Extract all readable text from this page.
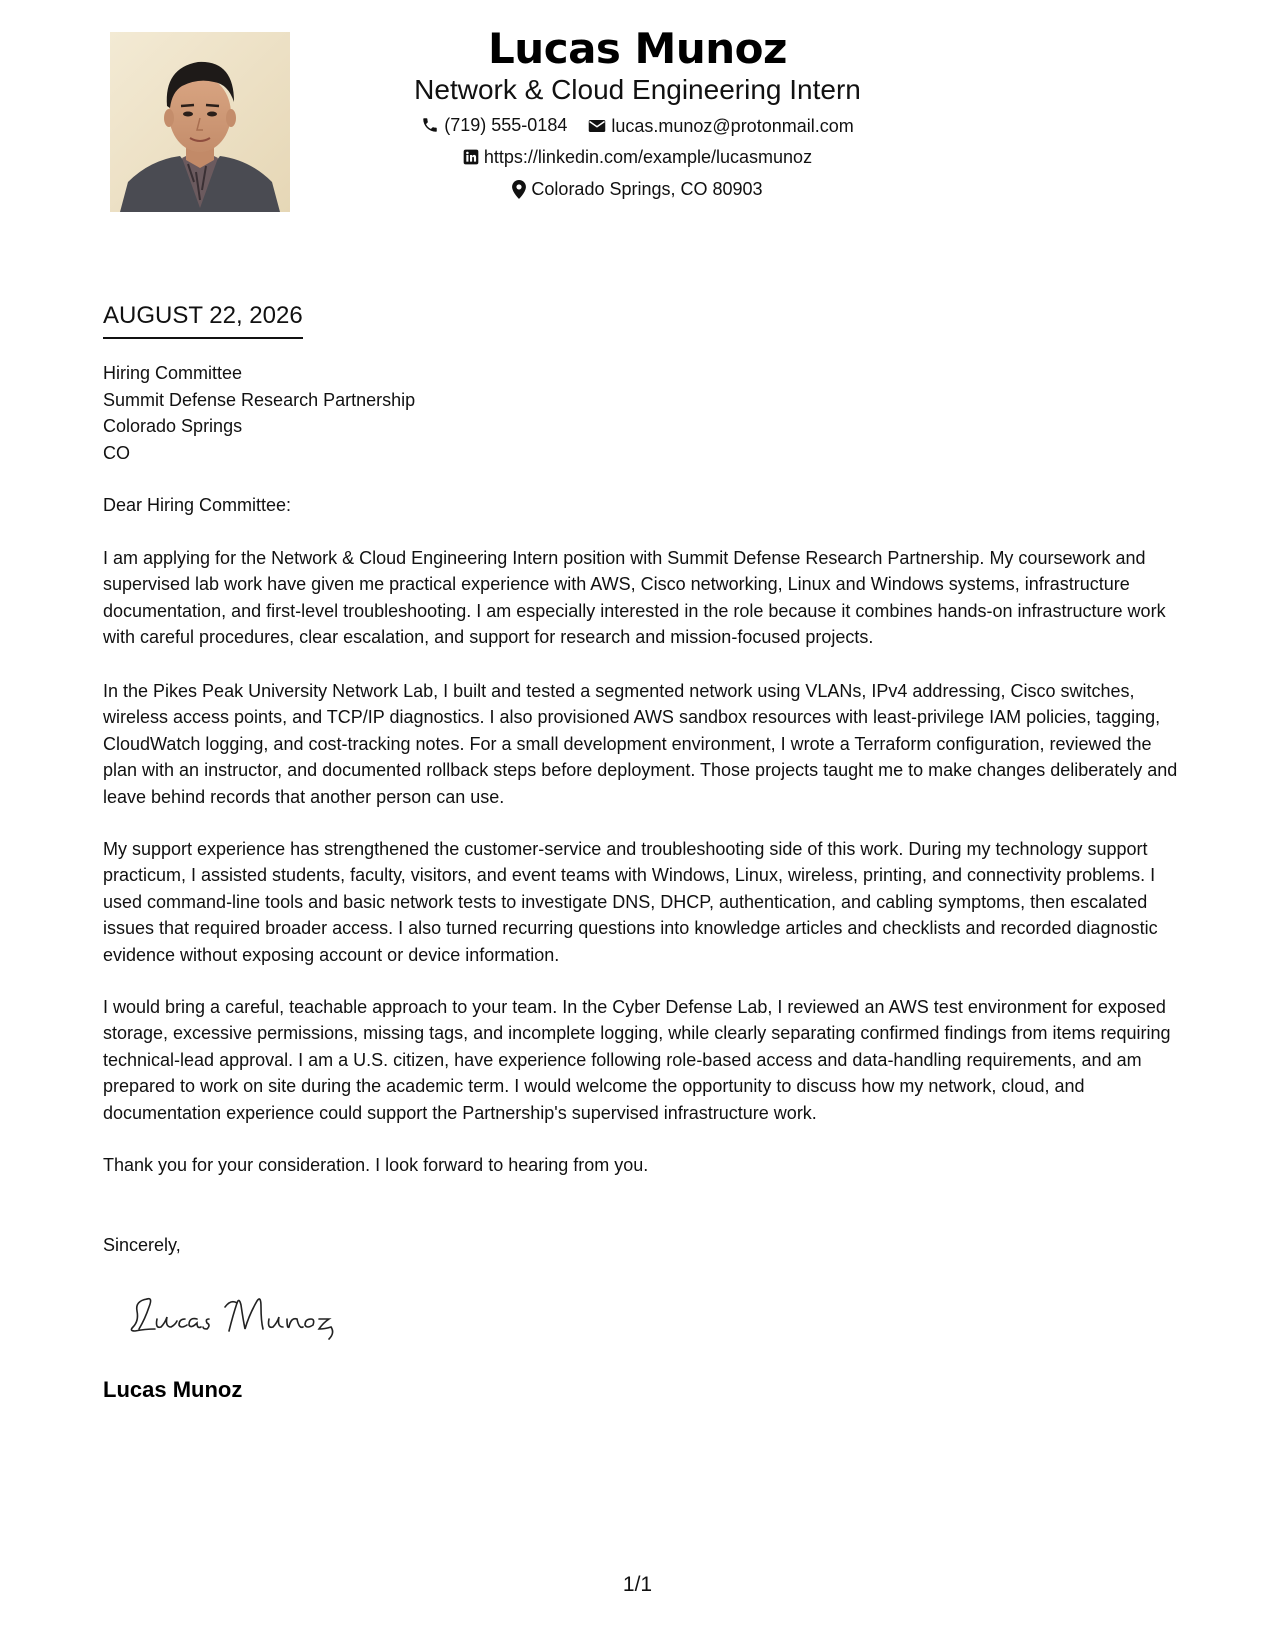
Lucas Munoz
Network & Cloud Engineering Intern
(719) 555-0184
lucas.munoz@protonmail.com
https://linkedin.com/example/lucasmunoz
Colorado Springs, CO 80903
AUGUST 22, 2026
Hiring Committee
Summit Defense Research Partnership
Colorado Springs
CO
Dear Hiring Committee:
I am applying for the Network & Cloud Engineering Intern position with Summit Defense Research Partnership. My coursework and supervised lab work have given me practical experience with AWS, Cisco networking, Linux and Windows systems, infrastructure documentation, and first-level troubleshooting. I am especially interested in the role because it combines hands-on infrastructure work with careful procedures, clear escalation, and support for research and mission-focused projects.
In the Pikes Peak University Network Lab, I built and tested a segmented network using VLANs, IPv4 addressing, Cisco switches, wireless access points, and TCP/IP diagnostics. I also provisioned AWS sandbox resources with least-privilege IAM policies, tagging, CloudWatch logging, and cost-tracking notes. For a small development environment, I wrote a Terraform configuration, reviewed the plan with an instructor, and documented rollback steps before deployment. Those projects taught me to make changes deliberately and leave behind records that another person can use.
My support experience has strengthened the customer-service and troubleshooting side of this work. During my technology support practicum, I assisted students, faculty, visitors, and event teams with Windows, Linux, wireless, printing, and connectivity problems. I used command-line tools and basic network tests to investigate DNS, DHCP, authentication, and cabling symptoms, then escalated issues that required broader access. I also turned recurring questions into knowledge articles and checklists and recorded diagnostic evidence without exposing account or device information.
I would bring a careful, teachable approach to your team. In the Cyber Defense Lab, I reviewed an AWS test environment for exposed storage, excessive permissions, missing tags, and incomplete logging, while clearly separating confirmed findings from items requiring technical-lead approval. I am a U.S. citizen, have experience following role-based access and data-handling requirements, and am prepared to work on site during the academic term. I would welcome the opportunity to discuss how my network, cloud, and documentation experience could support the Partnership's supervised infrastructure work.
Thank you for your consideration. I look forward to hearing from you.
Sincerely,
Lucas Munoz
1/1
